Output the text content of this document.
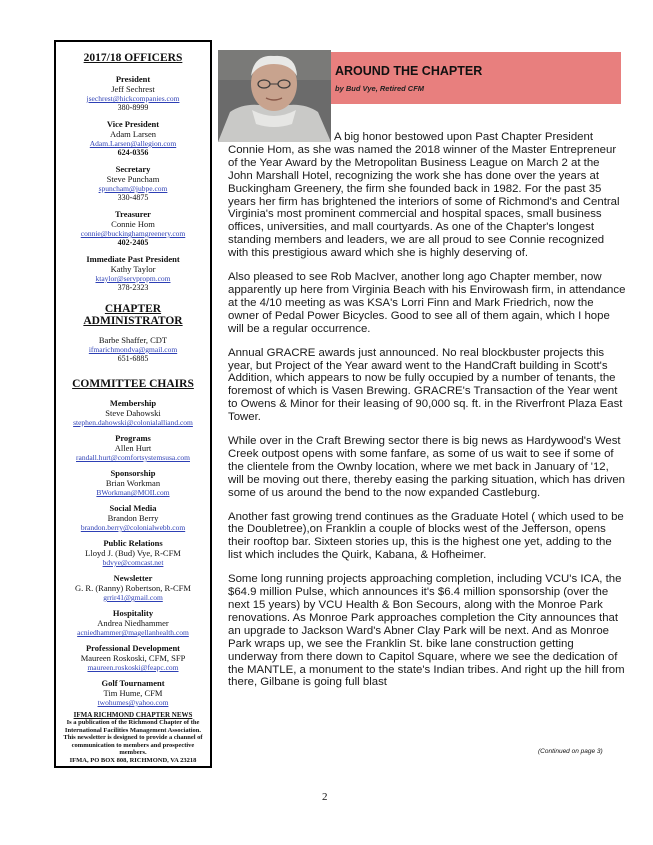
2017/18 OFFICERS
President
Jeff Sechrest
jsechrest@hickcompanies.com
380-8999
Vice President
Adam Larsen
Adam.Larsen@allegion.com
624-0356
Secretary
Steve Puncham
spuncham@jubpe.com
330-4875
Treasurer
Connie Hom
connie@buckinghamgreenery.com
402-2405
Immediate Past President
Kathy Taylor
ktaylor@servpropm.com
378-2323
CHAPTER ADMINISTRATOR
Barbe Shaffer, CDT
ifmarichmondva@gmail.com
651-6885
COMMITTEE CHAIRS
Membership
Steve Dahowski
stephen.dahowski@colonialalliand.com
Programs
Allen Hurt
randall.hurt@comfortsystemsusa.com
Sponsorship
Brian Workman
BWorkman@MOII.com
Social Media
Brandon Berry
brandon.berry@colonialwebb.com
Public Relations
Lloyd J. (Bud) Vye, R-CFM
bdvye@comcast.net
Newsletter
G. R. (Ranny) Robertson, R-CFM
grrir41@gmail.com
Hospitality
Andrea Niedhammer
acniedhammer@magellanhealth.com
Professional Development
Maureen Roskoski, CFM, SFP
maureen.roskoski@feapc.com
Golf Tournament
Tim Hume, CFM
twohumes@yahoo.com
IFMA RICHMOND CHAPTER NEWS
Is a publication of the Richmond Chapter of the International Facilities Management Association.
This newsletter is designed to provide a channel of communication to members and prospective members.
IFMA, PO BOX 808, RICHMOND, VA 23218
AROUND THE CHAPTER
by Bud Vye, Retired CFM

A big honor bestowed upon Past Chapter President Connie Hom, as she was named the 2018 winner of the Master Entrepreneur of the Year Award by the Metropolitan Business League on March 2 at the John Marshall Hotel, recognizing the work she has done over the years at Buckingham Greenery, the firm she founded back in 1982. For the past 35 years her firm has brightened the interiors of some of Richmond's and Central Virginia's most prominent commercial and hospital spaces, small business offices, universities, and mall courtyards. As one of the Chapter's longest standing members and leaders, we are all proud to see Connie recognized with this prestigious award which she is highly deserving of.

Also pleased to see Rob MacIver, another long ago Chapter member, now apparently up here from Virginia Beach with his Envirowash firm, in attendance at the 4/10 meeting as was KSA's Lorri Finn and Mark Friedrich, now the owner of Pedal Power Bicycles. Good to see all of them again, which I hope will be a regular occurrence.

Annual GRACRE awards just announced. No real blockbuster projects this year, but Project of the Year award went to the HandCraft building in Scott's Addition, which appears to now be fully occupied by a number of tenants, the foremost of which is Vasen Brewing. GRACRE's Transaction of the Year went to Owens & Minor for their leasing of 90,000 sq. ft. in the Riverfront Plaza East Tower.

While over in the Craft Brewing sector there is big news as Hardywood's West Creek outpost opens with some fanfare, as some of us wait to see if some of the clientele from the Ownby location, where we met back in January of '12, will be moving out there, thereby easing the parking situation, which has driven some of us around the bend to the now expanded Castleburg.

Another fast growing trend continues as the Graduate Hotel ( which used to be the Doubletree),on Franklin a couple of blocks west of the Jefferson, opens their rooftop bar. Sixteen stories up, this is the highest one yet, adding to the list which includes the Quirk, Kabana, & Hofheimer.

Some long running projects approaching completion, including VCU's ICA, the $64.9 million Pulse, which announces it's $6.4 million sponsorship (over the next 15 years) by VCU Health & Bon Secours, along with the Monroe Park renovations. As Monroe Park approaches completion the City announces that an upgrade to Jackson Ward's Abner Clay Park will be next. And as Monroe Park wraps up, we see the Franklin St. bike lane construction getting underway from there down to Capitol Square, where we see the dedication of the MANTLE, a monument to the state's Indian tribes. And right up the hill from there, Gilbane is going full blast

(Continued on page 3)
2
